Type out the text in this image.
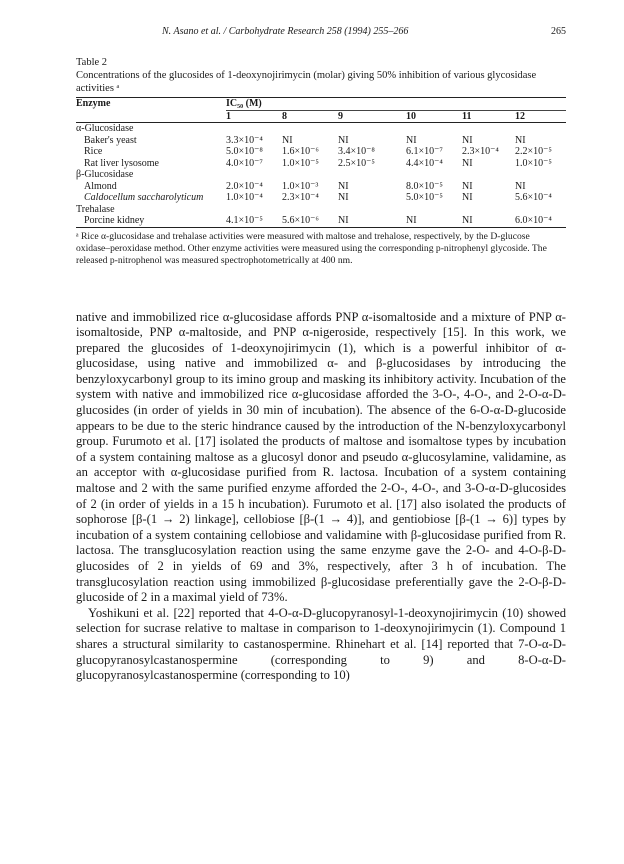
N. Asano et al. / Carbohydrate Research 258 (1994) 255–266	265
Table 2
Concentrations of the glucosides of 1-deoxynojirimycin (molar) giving 50% inhibition of various glycosidase activities ᵃ
Enzyme	IC₅₀ (M)					
	1	8	9	10	11	12
α-Glucosidase						
Baker's yeast	3.3×10⁻⁴	NI	NI	NI	NI	NI
Rice	5.0×10⁻⁸	1.6×10⁻⁶	3.4×10⁻⁸	6.1×10⁻⁷	2.3×10⁻⁴	2.2×10⁻⁵
Rat liver lysosome	4.0×10⁻⁷	1.0×10⁻⁵	2.5×10⁻⁵	4.4×10⁻⁴	NI	1.0×10⁻⁵
β-Glucosidase						
Almond	2.0×10⁻⁴	1.0×10⁻³	NI	8.0×10⁻⁵	NI	NI
Caldocellum saccharolyticum	1.0×10⁻⁴	2.3×10⁻⁴	NI	5.0×10⁻⁵	NI	5.6×10⁻⁴
Trehalase						
Porcine kidney	4.1×10⁻⁵	5.6×10⁻⁶	NI	NI	NI	6.0×10⁻⁴
ᵃ Rice α-glucosidase and trehalase activities were measured with maltose and trehalose, respectively, by the D-glucose oxidase–peroxidase method. Other enzyme activities were measured using the corresponding p-nitrophenyl glycoside. The released p-nitrophenol was measured spectrophotometrically at 400 nm.

native and immobilized rice α-glucosidase affords PNP α-isomaltoside and a mixture of PNP α-isomaltoside, PNP α-maltoside, and PNP α-nigeroside, respectively [15]. In this work, we prepared the glucosides of 1-deoxynojirimycin (1), which is a powerful inhibitor of α-glucosidase, using native and immobilized α- and β-glucosidases by introducing the benzyloxycarbonyl group to its imino group and masking its inhibitory activity. Incubation of the system with native and immobilized rice α-glucosidase afforded the 3-O-, 4-O-, and 2-O-α-D-glucosides (in order of yields in 30 min of incubation). The absence of the 6-O-α-D-glucoside appears to be due to the steric hindrance caused by the introduction of the N-benzyloxycarbonyl group. Furumoto et al. [17] isolated the products of maltose and isomaltose types by incubation of a system containing maltose as a glucosyl donor and pseudo α-glucosylamine, validamine, as an acceptor with α-glucosidase purified from R. lactosa. Incubation of a system containing maltose and 2 with the same purified enzyme afforded the 2-O-, 4-O-, and 3-O-α-D-glucosides of 2 (in order of yields in a 15 h incubation). Furumoto et al. [17] also isolated the products of sophorose [β-(1 → 2) linkage], cellobiose [β-(1 → 4)], and gentiobiose [β-(1 → 6)] types by incubation of a system containing cellobiose and validamine with β-glucosidase purified from R. lactosa. The transglucosylation reaction using the same enzyme gave the 2-O- and 4-O-β-D-glucosides of 2 in yields of 69 and 3%, respectively, after 3 h of incubation. The transglucosylation reaction using immobilized β-glucosidase preferentially gave the 2-O-β-D-glucoside of 2 in a maximal yield of 73%.

Yoshikuni et al. [22] reported that 4-O-α-D-glucopyranosyl-1-deoxynojirimycin (10) showed selection for sucrase relative to maltase in comparison to 1-deoxynojirimycin (1). Compound 1 shares a structural similarity to castanospermine. Rhinehart et al. [14] reported that 7-O-α-D-glucopyranosylcastanospermine (corresponding to 9) and 8-O-α-D-glucopyranosylcastanospermine (corresponding to 10)
